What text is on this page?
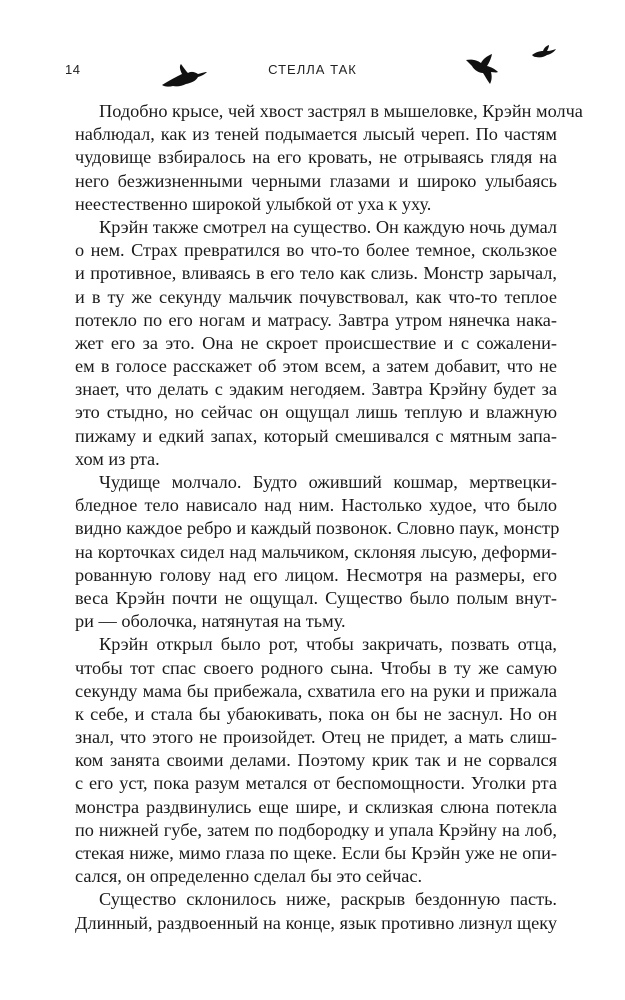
14	СТЕЛЛА ТАК
Подобно крысе, чей хвост застрял в мышеловке, Крэйн молча
наблюдал, как из теней подымается лысый череп. По частям
чудовище взбиралось на его кровать, не отрываясь глядя на
него безжизненными черными глазами и широко улыбаясь
неестественно широкой улыбкой от уха к уху.
Крэйн также смотрел на существо. Он каждую ночь думал
о нем. Страх превратился во что-то более темное, скользкое
и противное, вливаясь в его тело как слизь. Монстр зарычал,
и в ту же секунду мальчик почувствовал, как что-то теплое
потекло по его ногам и матрасу. Завтра утром нянечка нака-
жет его за это. Она не скроет происшествие и с сожалени-
ем в голосе расскажет об этом всем, а затем добавит, что не
знает, что делать с эдаким негодяем. Завтра Крэйну будет за
это стыдно, но сейчас он ощущал лишь теплую и влажную
пижаму и едкий запах, который смешивался с мятным запа-
хом из рта.
Чудище молчало. Будто оживший кошмар, мертвецки-
бледное тело нависало над ним. Настолько худое, что было
видно каждое ребро и каждый позвонок. Словно паук, монстр
на корточках сидел над мальчиком, склоняя лысую, деформи-
рованную голову над его лицом. Несмотря на размеры, его
веса Крэйн почти не ощущал. Существо было полым внут-
ри — оболочка, натянутая на тьму.
Крэйн открыл было рот, чтобы закричать, позвать отца,
чтобы тот спас своего родного сына. Чтобы в ту же самую
секунду мама бы прибежала, схватила его на руки и прижала
к себе, и стала бы убаюкивать, пока он бы не заснул. Но он
знал, что этого не произойдет. Отец не придет, а мать слиш-
ком занята своими делами. Поэтому крик так и не сорвался
с его уст, пока разум метался от беспомощности. Уголки рта
монстра раздвинулись еще шире, и склизкая слюна потекла
по нижней губе, затем по подбородку и упала Крэйну на лоб,
стекая ниже, мимо глаза по щеке. Если бы Крэйн уже не опи-
сался, он определенно сделал бы это сейчас.
Существо склонилось ниже, раскрыв бездонную пасть.
Длинный, раздвоенный на конце, язык противно лизнул щеку
